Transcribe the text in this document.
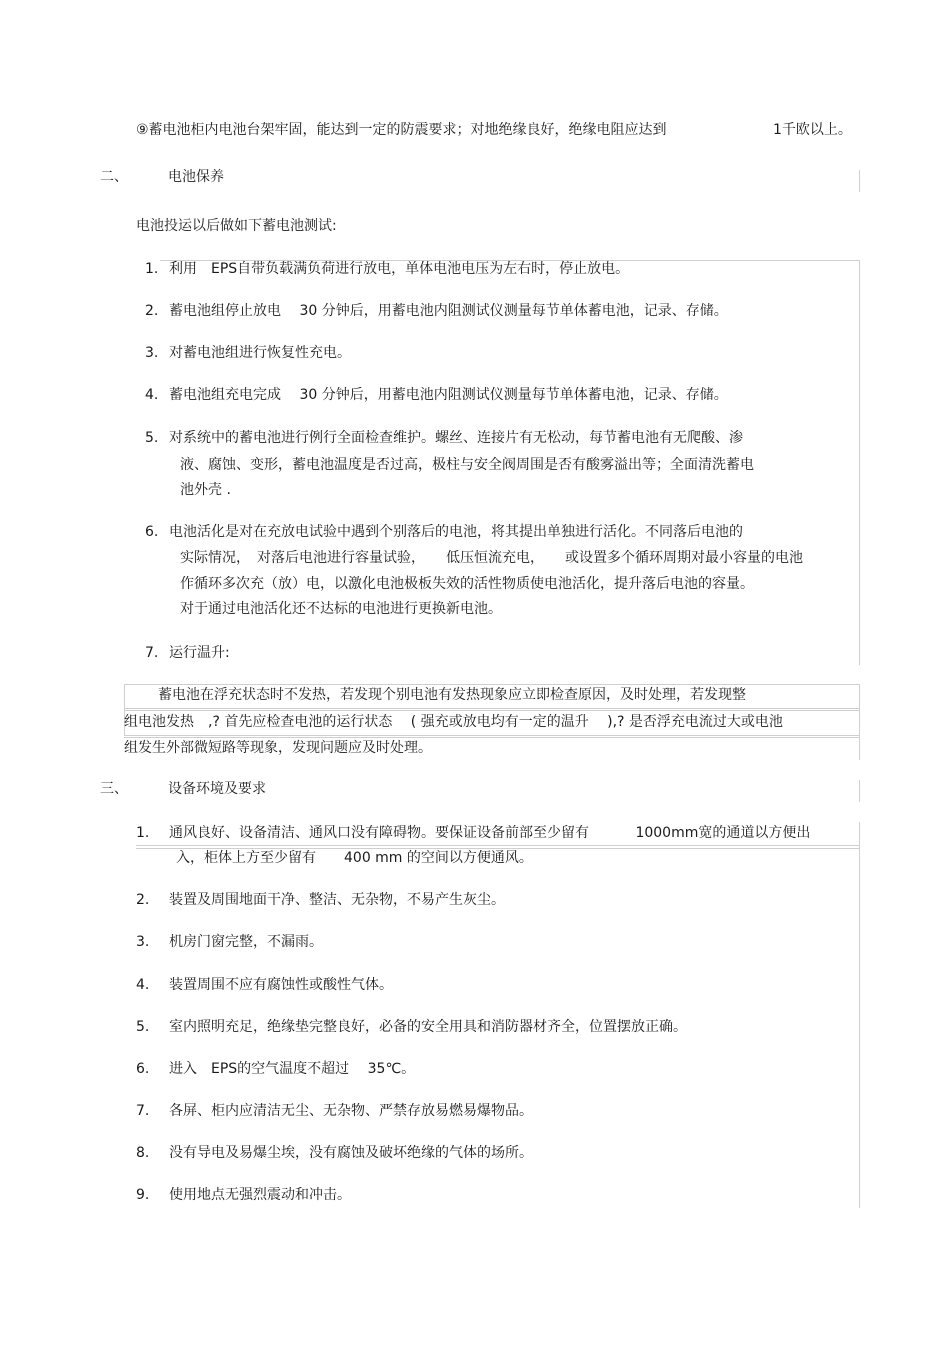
⑨蓄电池柜内电池台架牢固，能达到一定的防震要求；对地绝缘良好，绝缘电阻应达到	1千欧以上。
二、	电池保养
电池投运以后做如下蓄电池测试:
1. 利用　EPS自带负载满负荷进行放电，单体电池电压为左右时，停止放电。
2. 蓄电池组停止放电　 30 分钟后，用蓄电池内阻测试仪测量每节单体蓄电池，记录、存储。
3. 对蓄电池组进行恢复性充电。
4. 蓄电池组充电完成　 30 分钟后，用蓄电池内阻测试仪测量每节单体蓄电池，记录、存储。
5. 对系统中的蓄电池进行例行全面检查维护。螺丝、连接片有无松动，每节蓄电池有无爬酸、渗
液、腐蚀、变形，蓄电池温度是否过高，极柱与安全阀周围是否有酸雾溢出等；全面清洗蓄电
池外壳 .
6. 电池活化是对在充放电试验中遇到个别落后的电池，将其提出单独进行活化。不同落后电池的
实际情况，　对落后电池进行容量试验，　　低压恒流充电，　　或设置多个循环周期对最小容量的电池
作循环多次充（放）电，以激化电池极板失效的活性物质使电池活化，提升落后电池的容量。
对于通过电池活化还不达标的电池进行更换新电池。
7. 运行温升:
蓄电池在浮充状态时不发热，若发现个别电池有发热现象应立即检查原因，及时处理，若发现整
组电池发热　,? 首先应检查电池的运行状态　 ( 强充或放电均有一定的温升　 ),? 是否浮充电流过大或电池
组发生外部微短路等现象，发现问题应及时处理。
三、	设备环境及要求
1. 通风良好、设备清洁、通风口没有障碍物。要保证设备前部至少留有　　　 1000mm宽的通道以方便出
入，柜体上方至少留有　　400 mm 的空间以方便通风。
2. 装置及周围地面干净、整洁、无杂物，不易产生灰尘。
3. 机房门窗完整，不漏雨。
4. 装置周围不应有腐蚀性或酸性气体。
5. 室内照明充足，绝缘垫完整良好，必备的安全用具和消防器材齐全，位置摆放正确。
6. 进入　EPS的空气温度不超过　 35℃。
7. 各屏、柜内应清洁无尘、无杂物、严禁存放易燃易爆物品。
8. 没有导电及易爆尘埃，没有腐蚀及破坏绝缘的气体的场所。
9. 使用地点无强烈震动和冲击。
